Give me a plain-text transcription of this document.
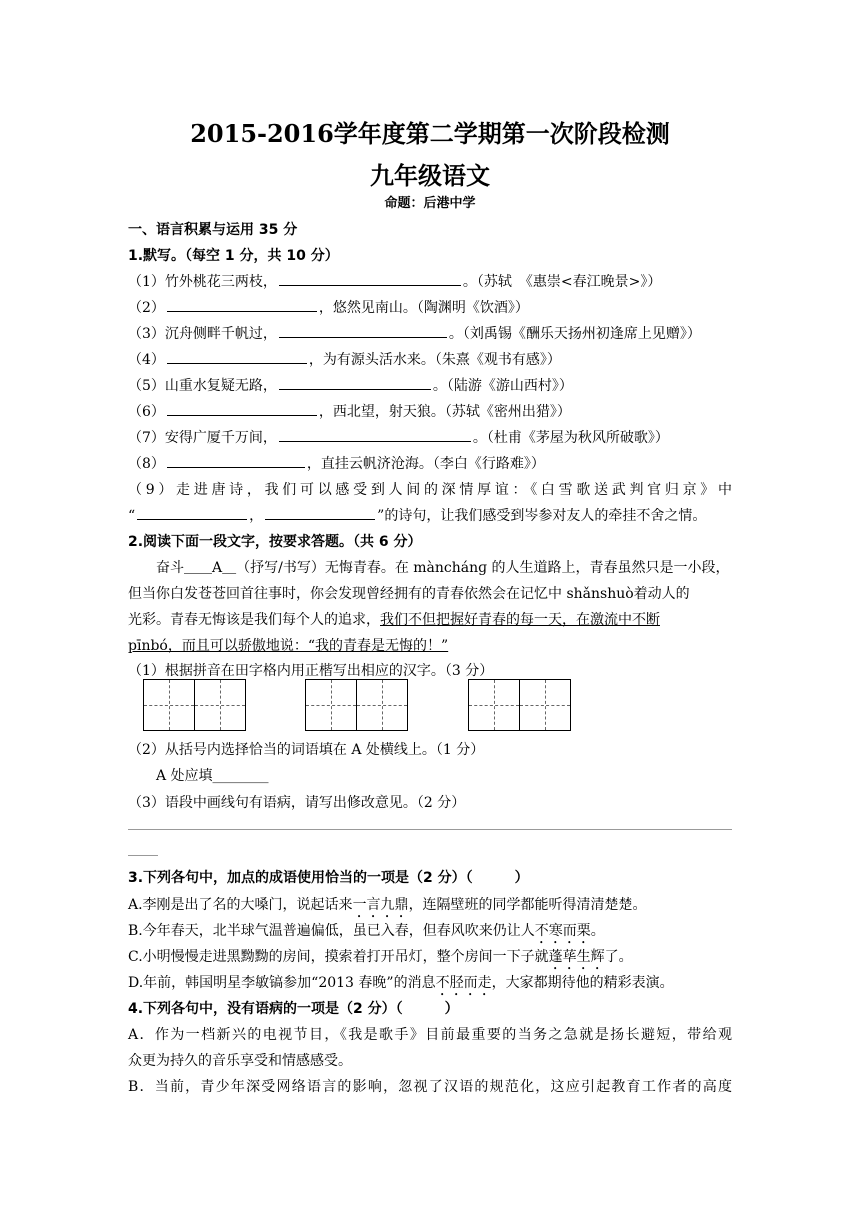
2015-2016学年度第二学期第一次阶段检测
九年级语文
命题：后港中学
一、语言积累与运用 35 分
1.默写。（每空 1 分，共 10 分）
（1）竹外桃花三两枝，	。（苏轼　《惠崇<春江晚景>》）
（2）	，悠然见南山。（陶渊明《饮酒》）
（3）沉舟侧畔千帆过，	。（刘禹锡《酬乐天扬州初逢席上见赠》）
（4）	，为有源头活水来。（朱熹《观书有感》）
（5）山重水复疑无路，	。（陆游《游山西村》）
（6）	，西北望，射天狼。（苏轼《密州出猎》）
（7）安得广厦千万间，	。（杜甫《茅屋为秋风所破歌》）
（8）	，直挂云帆济沧海。（李白《行路难》）
（9）走进唐诗，我们可以感受到人间的深情厚谊：《白雪歌送武判官归京》中
“	，	”的诗句，让我们感受到岑参对友人的牵挂不舍之情。
2.阅读下面一段文字，按要求答题。（共 6 分）
奋斗＿＿A＿（抒写/书写）无悔青春。在 mànchánɡ 的人生道路上，青春虽然只是一小段，
但当你白发苍苍回首往事时，你会发现曾经拥有的青春依然会在记忆中 shǎnshuò着动人的
光彩。青春无悔该是我们每个人的追求，我们不但把握好青春的每一天，在激流中不断
pīnbó，而且可以骄傲地说：“我的青春是无悔的！”
（1）根据拼音在田字格内用正楷写出相应的汉字。（3 分）
（2）从括号内选择恰当的词语填在 A 处横线上。（1 分）
A 处应填________
（3）语段中画线句有语病，请写出修改意见。（2 分）
3.下列各句中，加点的成语使用恰当的一项是（2 分）（　　　）
A.李刚是出了名的大嗓门，说起话来一言九鼎，连隔壁班的同学都能听得清清楚楚。
B.今年春天，北半球气温普遍偏低，虽已入春，但春风吹来仍让人不寒而栗。
C.小明慢慢走进黑黝黝的房间，摸索着打开吊灯，整个房间一下子就蓬荜生辉了。
D.年前，韩国明星李敏镐参加“2013 春晚”的消息不胫而走，大家都期待他的精彩表演。
4.下列各句中，没有语病的一项是（2 分）（　　　）
A．作为一档新兴的电视节目，《我是歌手》目前最重要的当务之急就是扬长避短，带给观
众更为持久的音乐享受和情感感受。
B．当前，青少年深受网络语言的影响，忽视了汉语的规范化，这应引起教育工作者的高度
